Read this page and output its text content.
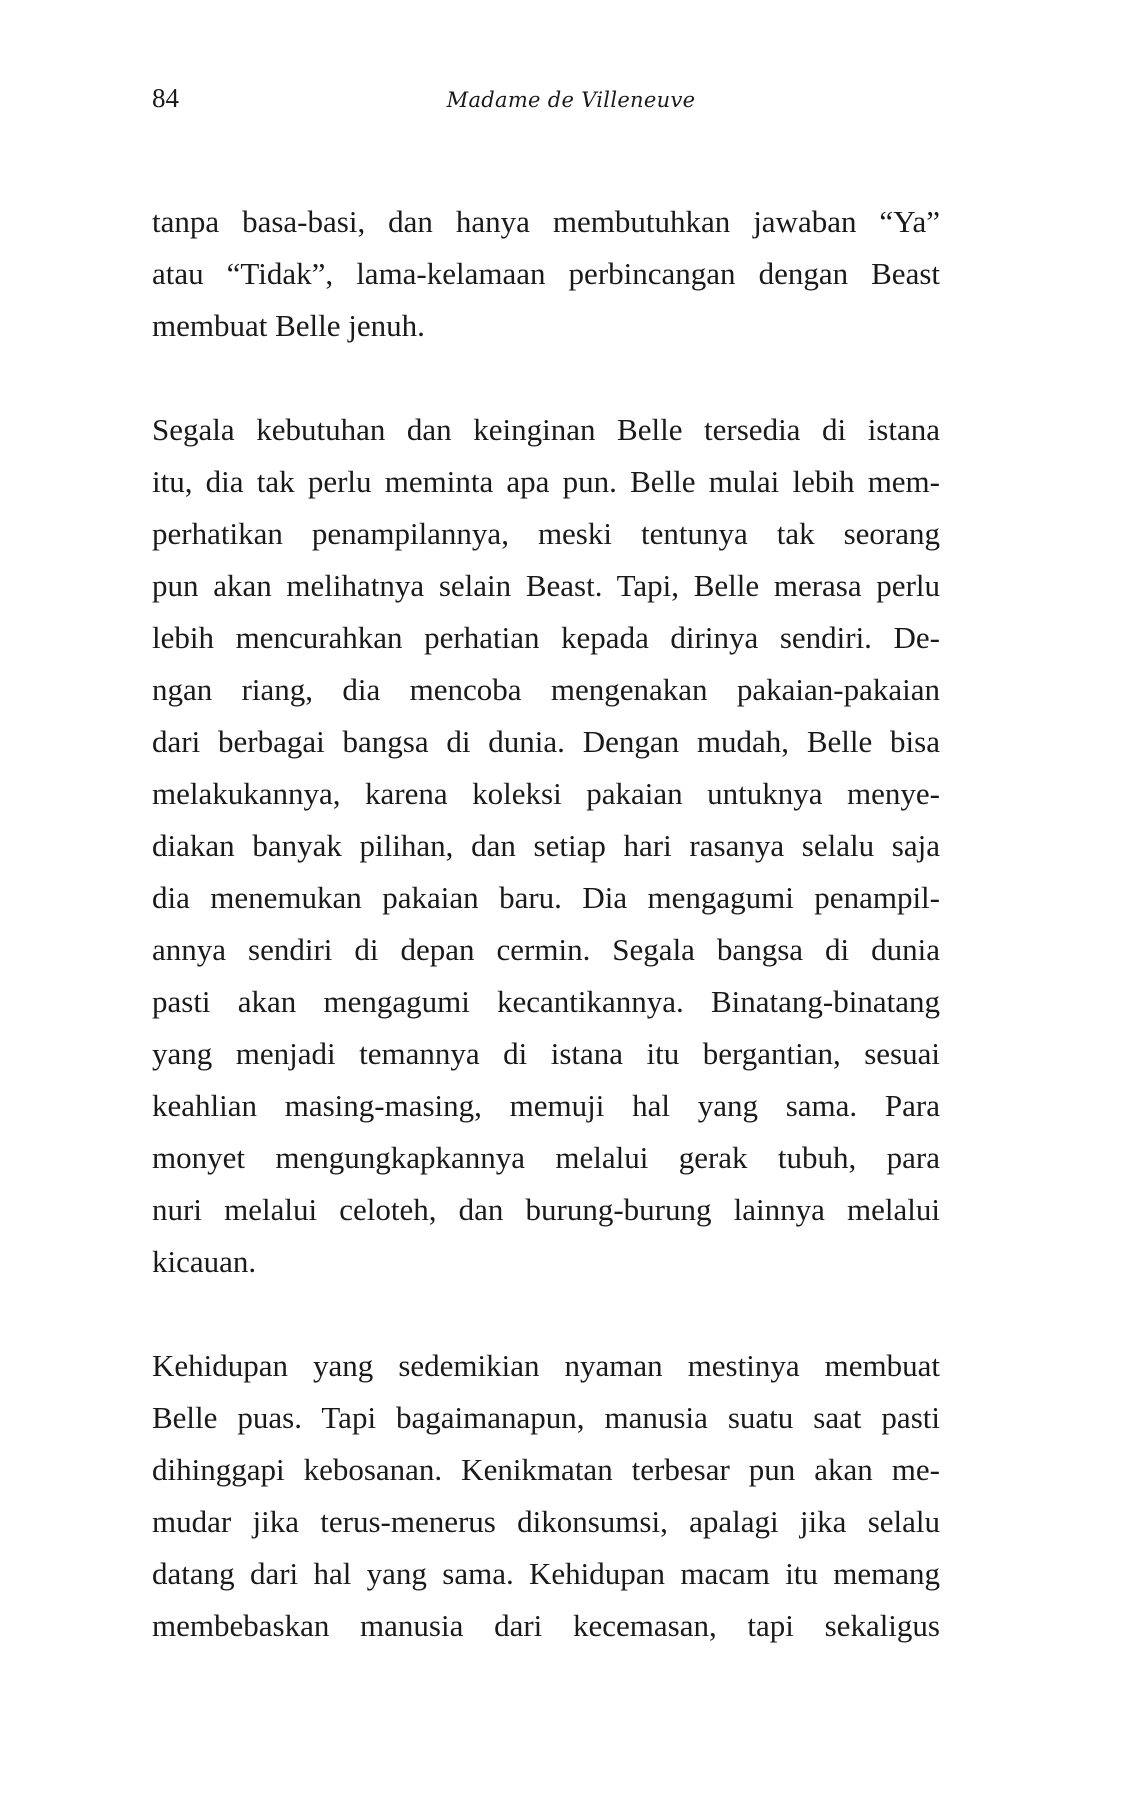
84	Madame de Villeneuve

tanpa basa-basi, dan hanya membutuhkan jawaban “Ya”
atau “Tidak”, lama-kelamaan perbincangan dengan Beast
membuat Belle jenuh.

Segala kebutuhan dan keinginan Belle tersedia di istana
itu, dia tak perlu meminta apa pun. Belle mulai lebih mem-
perhatikan penampilannya, meski tentunya tak seorang
pun akan melihatnya selain Beast. Tapi, Belle merasa perlu
lebih mencurahkan perhatian kepada dirinya sendiri. De-
ngan riang, dia mencoba mengenakan pakaian-pakaian
dari berbagai bangsa di dunia. Dengan mudah, Belle bisa
melakukannya, karena koleksi pakaian untuknya menye-
diakan banyak pilihan, dan setiap hari rasanya selalu saja
dia menemukan pakaian baru. Dia mengagumi penampil-
annya sendiri di depan cermin. Segala bangsa di dunia
pasti akan mengagumi kecantikannya. Binatang-binatang
yang menjadi temannya di istana itu bergantian, sesuai
keahlian masing-masing, memuji hal yang sama. Para
monyet mengungkapkannya melalui gerak tubuh, para
nuri melalui celoteh, dan burung-burung lainnya melalui
kicauan.

Kehidupan yang sedemikian nyaman mestinya membuat
Belle puas. Tapi bagaimanapun, manusia suatu saat pasti
dihinggapi kebosanan. Kenikmatan terbesar pun akan me-
mudar jika terus-menerus dikonsumsi, apalagi jika selalu
datang dari hal yang sama. Kehidupan macam itu memang
membebaskan manusia dari kecemasan, tapi sekaligus
